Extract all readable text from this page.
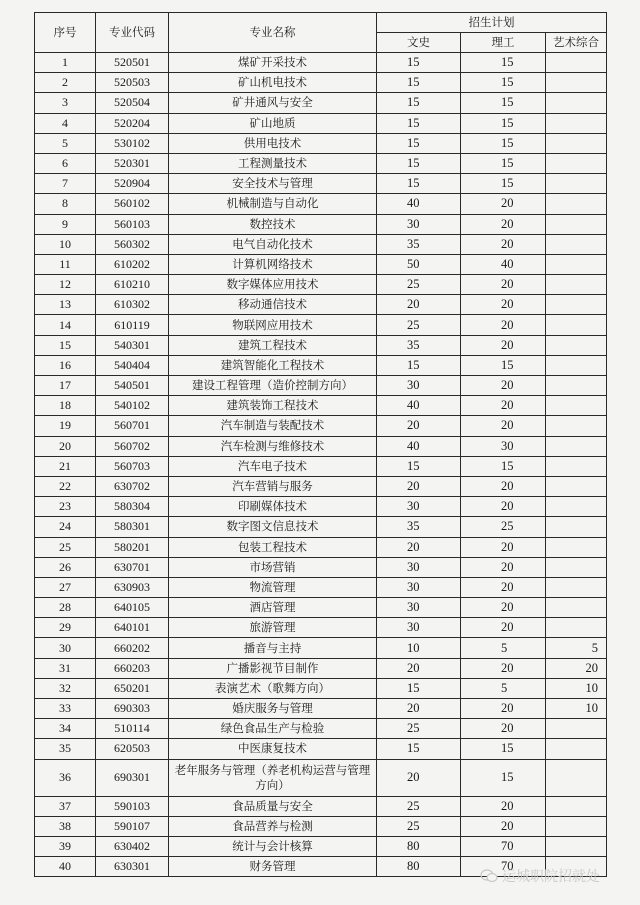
序号	专业代码	专业名称	招生计划		
			文史	理工	艺术综合
1	520501	煤矿开采技术	15	15	
2	520503	矿山机电技术	15	15	
3	520504	矿井通风与安全	15	15	
4	520204	矿山地质	15	15	
5	530102	供用电技术	15	15	
6	520301	工程测量技术	15	15	
7	520904	安全技术与管理	15	15	
8	560102	机械制造与自动化	40	20	
9	560103	数控技术	30	20	
10	560302	电气自动化技术	35	20	
11	610202	计算机网络技术	50	40	
12	610210	数字媒体应用技术	25	20	
13	610302	移动通信技术	20	20	
14	610119	物联网应用技术	25	20	
15	540301	建筑工程技术	35	20	
16	540404	建筑智能化工程技术	15	15	
17	540501	建设工程管理（造价控制方向）	30	20	
18	540102	建筑装饰工程技术	40	20	
19	560701	汽车制造与装配技术	20	20	
20	560702	汽车检测与维修技术	40	30	
21	560703	汽车电子技术	15	15	
22	630702	汽车营销与服务	20	20	
23	580304	印刷媒体技术	30	20	
24	580301	数字图文信息技术	35	25	
25	580201	包装工程技术	20	20	
26	630701	市场营销	30	20	
27	630903	物流管理	30	20	
28	640105	酒店管理	30	20	
29	640101	旅游管理	30	20	
30	660202	播音与主持	10	5	5
31	660203	广播影视节目制作	20	20	20
32	650201	表演艺术（歌舞方向）	15	5	10
33	690303	婚庆服务与管理	20	20	10
34	510114	绿色食品生产与检验	25	20	
35	620503	中医康复技术	15	15	
36	690301	老年服务与管理（养老机构运营与管理方向）	20	15	
37	590103	食品质量与安全	25	20	
38	590107	食品营养与检测	25	20	
39	630402	统计与会计核算	80	70	
40	630301	财务管理	80	70	
运城职院招就处
